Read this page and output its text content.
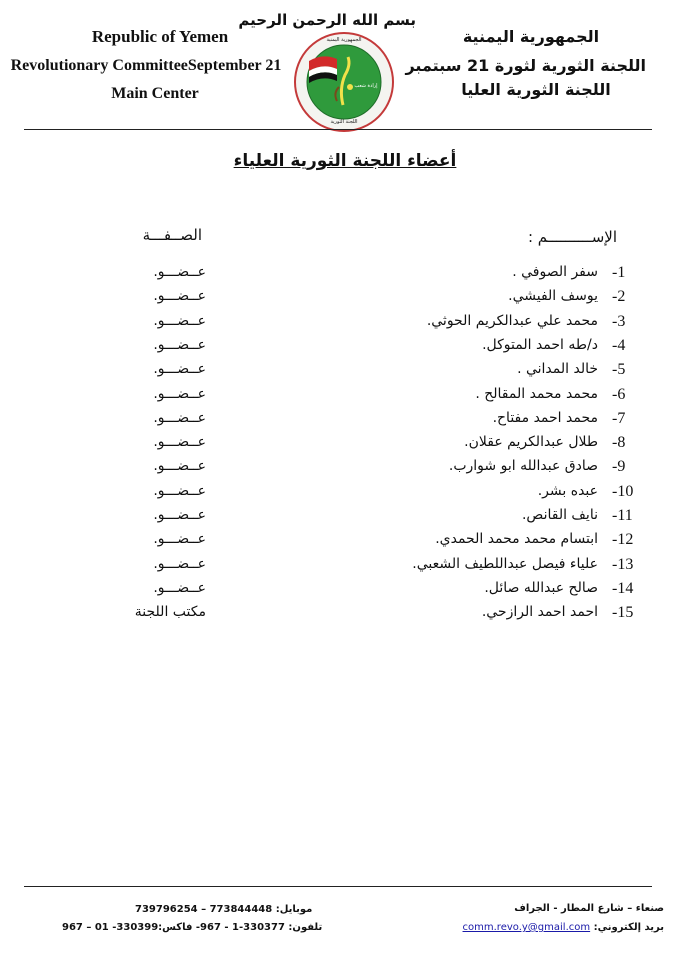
Republic of Yemen
Revolutionary CommitteeSeptember 21
Main Center
بسم الله الرحمن الرحيم
الجمهورية اليمنية
اللجنة الثورية
إرادة شعب
الجمهورية اليمنية
اللجنة الثورية لثورة 21 سبتمبر
اللجنة الثورية العليا
أعضاء اللجنة الثورية العلياء
الإســــــــــم :
الصــفـــة
-1
سفر الصوفي .
عــضـــو.
-2
يوسف الفيشي.
عــضـــو.
-3
محمد علي عبدالكريم الحوثي.
عــضـــو.
-4
د/طه احمد المتوكل.
عــضـــو.
-5
خالد المداني .
عــضـــو.
-6
محمد محمد المقالح .
عــضـــو.
-7
محمد احمد مفتاح.
عــضـــو.
-8
طلال عبدالكريم عقلان.
عــضـــو.
-9
صادق عبدالله ابو شوارب.
عــضـــو.
-10
عبده بشر.
عــضـــو.
-11
نايف القانص.
عــضـــو.
-12
ابتسام محمد محمد الحمدي.
عــضـــو.
-13
علياء فيصل عبداللطيف الشعبي.
عــضـــو.
-14
صالح عبدالله صائل.
عــضـــو.
-15
احمد احمد الرازحي.
مكتب اللجنة
صنعاء – شارع المطار - الجراف
بريد إلكتروني: comm.revo.y@gmail.com
موبايل: 773844448 – 739796254
تلفون: 330377-1 - 967- فاكس:330399- 01 – 967
